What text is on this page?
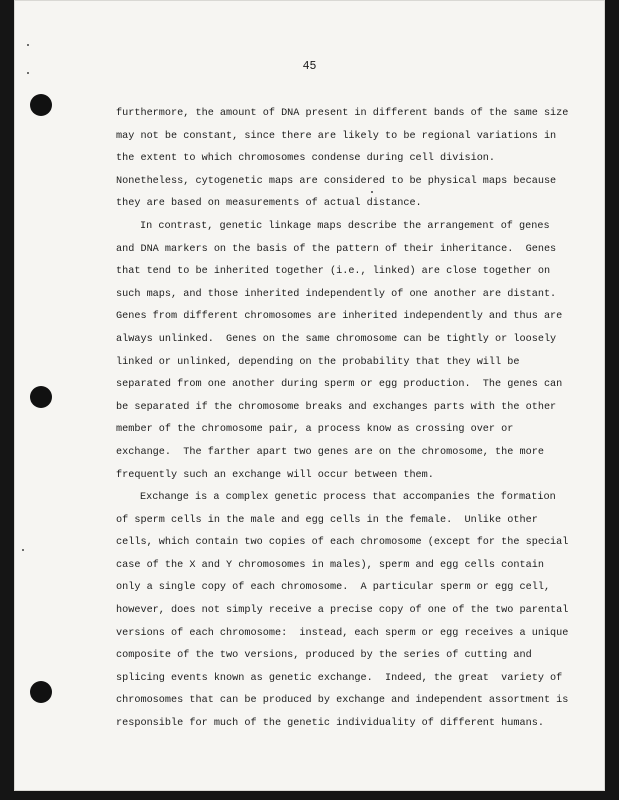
45
furthermore, the amount of DNA present in different bands of the same size
may not be constant, since there are likely to be regional variations in
the extent to which chromosomes condense during cell division.
Nonetheless, cytogenetic maps are considered to be physical maps because
they are based on measurements of actual distance.
In contrast, genetic linkage maps describe the arrangement of genes
and DNA markers on the basis of the pattern of their inheritance.  Genes
that tend to be inherited together (i.e., linked) are close together on
such maps, and those inherited independently of one another are distant.
Genes from different chromosomes are inherited independently and thus are
always unlinked.  Genes on the same chromosome can be tightly or loosely
linked or unlinked, depending on the probability that they will be
separated from one another during sperm or egg production.  The genes can
be separated if the chromosome breaks and exchanges parts with the other
member of the chromosome pair, a process know as crossing over or
exchange.  The farther apart two genes are on the chromosome, the more
frequently such an exchange will occur between them.
Exchange is a complex genetic process that accompanies the formation
of sperm cells in the male and egg cells in the female.  Unlike other
cells, which contain two copies of each chromosome (except for the special
case of the X and Y chromosomes in males), sperm and egg cells contain
only a single copy of each chromosome.  A particular sperm or egg cell,
however, does not simply receive a precise copy of one of the two parental
versions of each chromosome:  instead, each sperm or egg receives a unique
composite of the two versions, produced by the series of cutting and
splicing events known as genetic exchange.  Indeed, the great  variety of
chromosomes that can be produced by exchange and independent assortment is
responsible for much of the genetic individuality of different humans.
